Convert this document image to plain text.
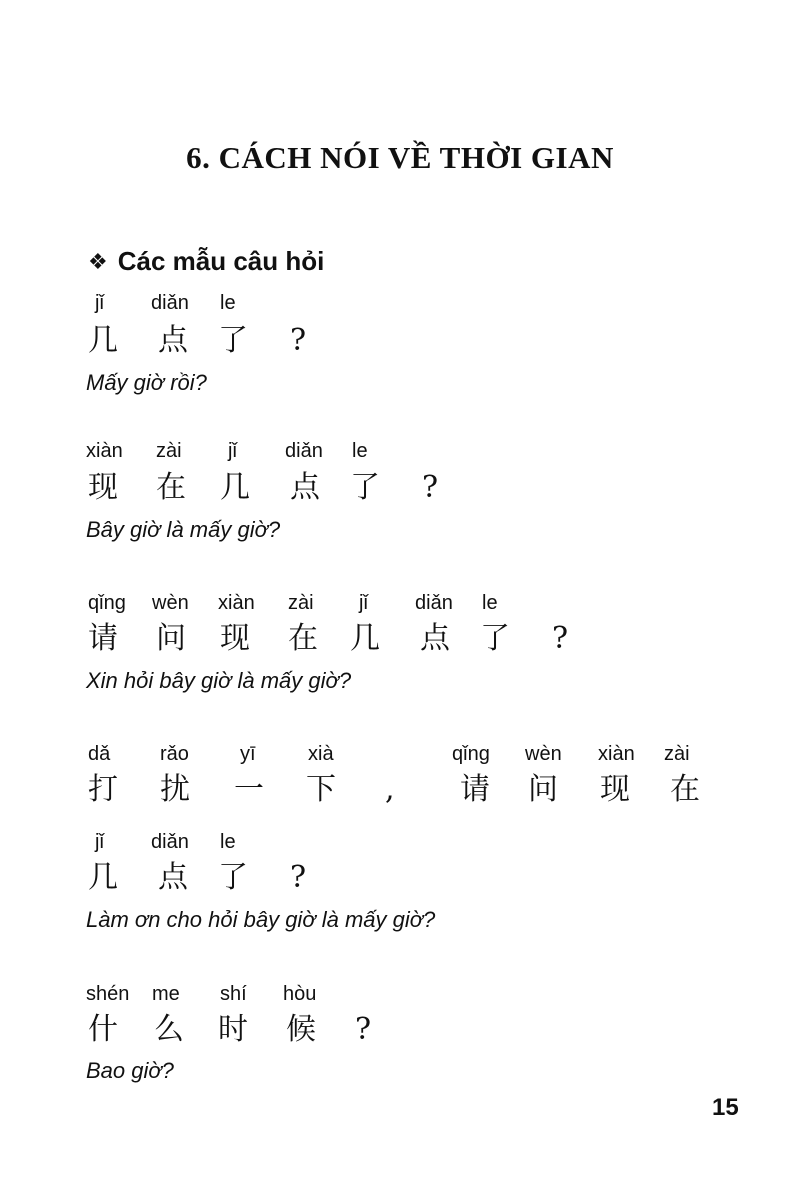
6. CÁCH NÓI VỀ THỜI GIAN
❖ Các mẫu câu hỏi
jǐ diǎn le
几 点 了 ?
Mấy giờ rồi?
xiàn zài jǐ diǎn le
现 在 几 点 了 ?
Bây giờ là mấy giờ?
qǐng wèn xiàn zài jǐ diǎn le
请 问 现 在 几 点 了 ?
Xin hỏi bây giờ là mấy giờ?
dǎ rǎo	yī	xià	qǐng wèn xiàn zài
打 扰 一 下 , 请 问 现 在
jǐ diǎn le
几 点 了 ?
Làm ơn cho hỏi bây giờ là mấy giờ?
shén me shí hòu
什 么 时 候 ?
Bao giờ?
15
